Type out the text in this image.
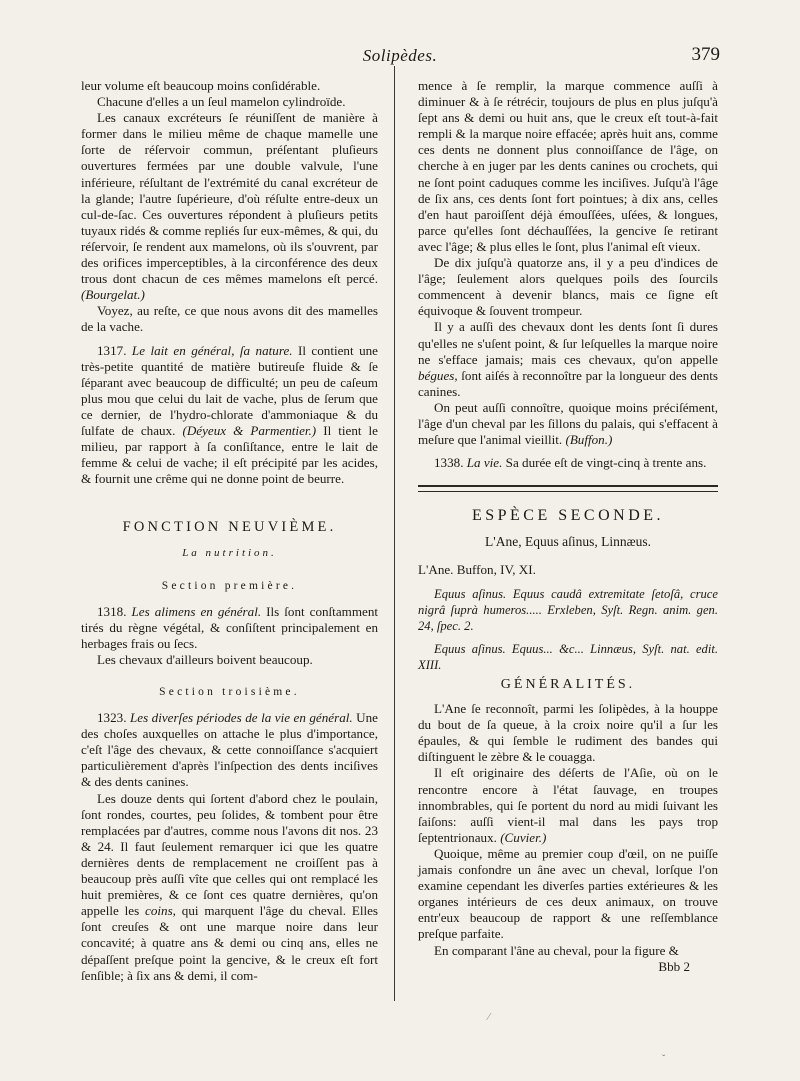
Solipèdes.	379

leur volume eſt beaucoup moins conſidérable.

Chacune d'elles a un ſeul mamelon cylindroïde.

Les canaux excréteurs ſe réuniſſent de manière à former dans le milieu même de chaque mamelle une ſorte de réſervoir commun, préſentant pluſieurs ouvertures fermées par une double valvule, l'une inférieure, réſultant de l'extrémité du canal excréteur de la glande; l'autre ſupérieure, d'où réſulte entre-deux un cul-de-ſac. Ces ouvertures répondent à pluſieurs petits tuyaux ridés & comme repliés ſur eux-mêmes, & qui, du réſervoir, ſe rendent aux mamelons, où ils s'ouvrent, par des orifices imperceptibles, à la circonférence des deux trous dont chacun de ces mêmes mamelons eſt percé. (Bourgelat.)

Voyez, au reſte, ce que nous avons dit des mamelles de la vache.

1317. Le lait en général, ſa nature. Il contient une très-petite quantité de matière butireuſe fluide & ſe ſéparant avec beaucoup de difficulté; un peu de caſeum plus mou que celui du lait de vache, plus de ſerum que ce dernier, de l'hydro-chlorate d'ammoniaque & du ſulfate de chaux. (Déyeux & Parmentier.) Il tient le milieu, par rapport à ſa conſiſtance, entre le lait de femme & celui de vache; il eſt précipité par les acides, & fournit une crême qui ne donne point de beurre.

FONCTION NEUVIÈME.
La nutrition.
Section première.

1318. Les alimens en général. Ils ſont conſtamment tirés du règne végétal, & conſiſtent principalement en herbages frais ou ſecs.

Les chevaux d'ailleurs boivent beaucoup.

Section troisième.

1323. Les diverſes périodes de la vie en général. Une des choſes auxquelles on attache le plus d'importance, c'eſt l'âge des chevaux, & cette connoiſſance s'acquiert particulièrement d'après l'inſpection des dents inciſives & des dents canines.

Les douze dents qui ſortent d'abord chez le poulain, ſont rondes, courtes, peu ſolides, & tombent pour être remplacées par d'autres, comme nous l'avons dit nos. 23 & 24. Il faut ſeulement remarquer ici que les quatre dernières dents de remplacement ne croiſſent pas à beaucoup près auſſi vîte que celles qui ont remplacé les huit premières, & ce ſont ces quatre dernières, qu'on appelle les coins, qui marquent l'âge du cheval. Elles ſont creuſes & ont une marque noire dans leur concavité; à quatre ans & demi ou cinq ans, elles ne dépaſſent preſque point la gencive, & le creux eſt fort ſenſible; à ſix ans & demi, il com-

mence à ſe remplir, la marque commence auſſi à diminuer & à ſe rétrécir, toujours de plus en plus juſqu'à ſept ans & demi ou huit ans, que le creux eſt tout-à-fait rempli & la marque noire effacée; après huit ans, comme ces dents ne donnent plus connoiſſance de l'âge, on cherche à en juger par les dents canines ou crochets, qui ne ſont point caduques comme les inciſives. Juſqu'à l'âge de ſix ans, ces dents ſont fort pointues; à dix ans, celles d'en haut paroiſſent déjà émouſſées, uſées, & longues, parce qu'elles ſont déchauſſées, la gencive ſe retirant avec l'âge; & plus elles le ſont, plus l'animal eſt vieux.

De dix juſqu'à quatorze ans, il y a peu d'indices de l'âge; ſeulement alors quelques poils des ſourcils commencent à devenir blancs, mais ce ſigne eſt équivoque & ſouvent trompeur.

Il y a auſſi des chevaux dont les dents ſont ſi dures qu'elles ne s'uſent point, & ſur leſquelles la marque noire ne s'efface jamais; mais ces chevaux, qu'on appelle bégues, ſont aiſés à reconnoître par la longueur des dents canines.

On peut auſſi connoître, quoique moins préciſément, l'âge d'un cheval par les ſillons du palais, qui s'effacent à meſure que l'animal vieillit. (Buffon.)

1338. La vie. Sa durée eſt de vingt-cinq à trente ans.

ESPÈCE SECONDE.
L'Ane, Equus aſinus, Linnæus.

L'Ane. Buffon, IV, XI.

Equus aſinus. Equus caudâ extremitate ſetoſâ, cruce nigrâ ſuprà humeros..... Erxleben, Syſt. Regn. anim. gen. 24, ſpec. 2.

Equus aſinus. Equus... &c... Linnæus, Syſt. nat. edit. XIII.

GÉNÉRALITÉS.

L'Ane ſe reconnoît, parmi les ſolipèdes, à la houppe du bout de ſa queue, à la croix noire qu'il a ſur les épaules, & qui ſemble le rudiment des bandes qui diſtinguent le zèbre & le couagga.

Il eſt originaire des déſerts de l'Aſie, où on le rencontre encore à l'état ſauvage, en troupes innombrables, qui ſe portent du nord au midi ſuivant les ſaiſons: auſſi vient-il mal dans les pays trop ſeptentrionaux. (Cuvier.)

Quoique, même au premier coup d'œil, on ne puiſſe jamais confondre un âne avec un cheval, lorſque l'on examine cependant les diverſes parties extérieures & les organes intérieurs de ces deux animaux, on trouve entr'eux beaucoup de rapport & une reſſemblance preſque parfaite.

En comparant l'âne au cheval, pour la figure &

Bbb 2

⁄
ˇ
